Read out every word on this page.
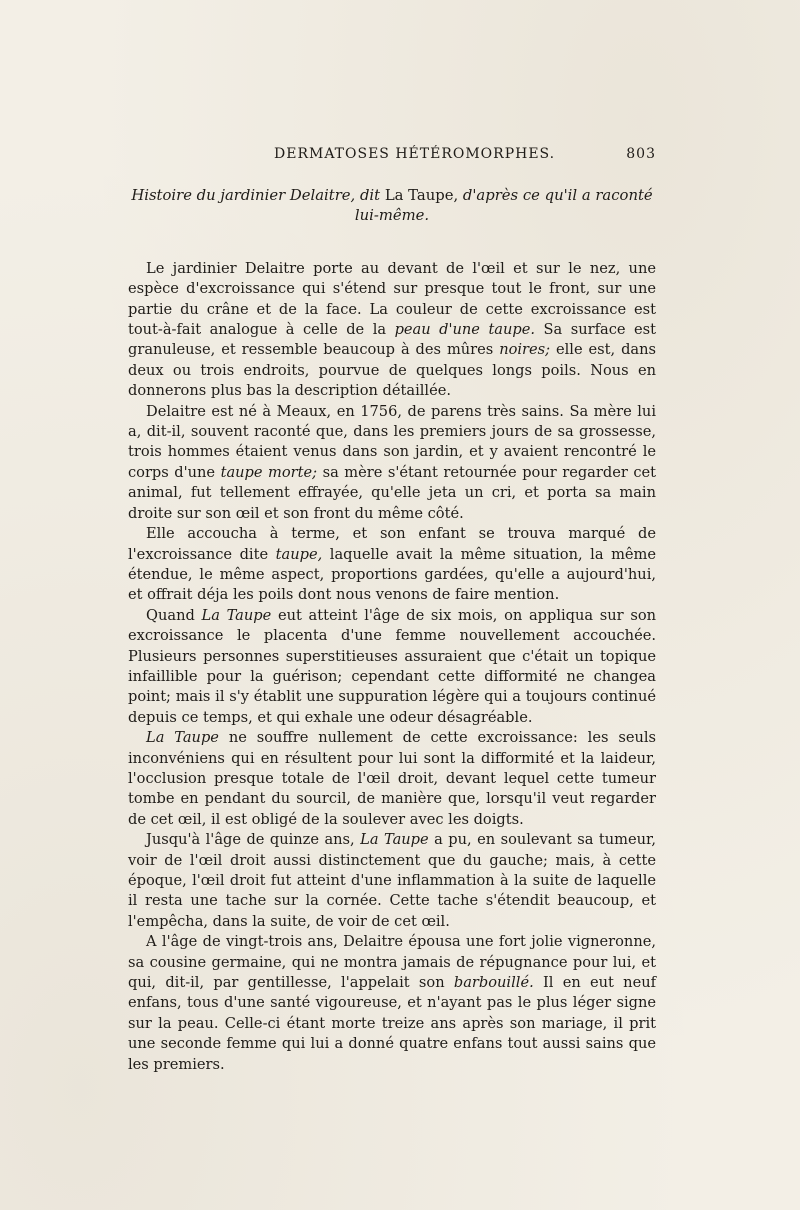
DERMATOSES HÉTÉROMORPHES.	803
Histoire du jardinier Delaitre, dit La Taupe, d'après ce qu'il a raconté lui-même.

Le jardinier Delaitre porte au devant de l'œil et sur le nez, une espèce d'excroissance qui s'étend sur presque tout le front, sur une partie du crâne et de la face. La couleur de cette excroissance est tout-à-fait analogue à celle de la peau d'une taupe. Sa surface est granuleuse, et ressemble beaucoup à des mûres noires; elle est, dans deux ou trois endroits, pourvue de quelques longs poils. Nous en donnerons plus bas la description détaillée.

Delaitre est né à Meaux, en 1756, de parens très sains. Sa mère lui a, dit-il, souvent raconté que, dans les premiers jours de sa grossesse, trois hommes étaient venus dans son jardin, et y avaient rencontré le corps d'une taupe morte; sa mère s'étant retournée pour regarder cet animal, fut tellement effrayée, qu'elle jeta un cri, et porta sa main droite sur son œil et son front du même côté.

Elle accoucha à terme, et son enfant se trouva marqué de l'excroissance dite taupe, laquelle avait la même situation, la même étendue, le même aspect, proportions gardées, qu'elle a aujourd'hui, et offrait déja les poils dont nous venons de faire mention.

Quand La Taupe eut atteint l'âge de six mois, on appliqua sur son excroissance le placenta d'une femme nouvellement accouchée. Plusieurs personnes superstitieuses assuraient que c'était un topique infaillible pour la guérison; cependant cette difformité ne changea point; mais il s'y établit une suppuration légère qui a toujours continué depuis ce temps, et qui exhale une odeur désagréable.

La Taupe ne souffre nullement de cette excroissance: les seuls inconvéniens qui en résultent pour lui sont la difformité et la laideur, l'occlusion presque totale de l'œil droit, devant lequel cette tumeur tombe en pendant du sourcil, de manière que, lorsqu'il veut regarder de cet œil, il est obligé de la soulever avec les doigts.

Jusqu'à l'âge de quinze ans, La Taupe a pu, en soulevant sa tumeur, voir de l'œil droit aussi distinctement que du gauche; mais, à cette époque, l'œil droit fut atteint d'une inflammation à la suite de laquelle il resta une tache sur la cornée. Cette tache s'étendit beaucoup, et l'empêcha, dans la suite, de voir de cet œil.

A l'âge de vingt-trois ans, Delaitre épousa une fort jolie vigneronne, sa cousine germaine, qui ne montra jamais de répugnance pour lui, et qui, dit-il, par gentillesse, l'appelait son barbouillé. Il en eut neuf enfans, tous d'une santé vigoureuse, et n'ayant pas le plus léger signe sur la peau. Celle-ci étant morte treize ans après son mariage, il prit une seconde femme qui lui a donné quatre enfans tout aussi sains que les premiers.
